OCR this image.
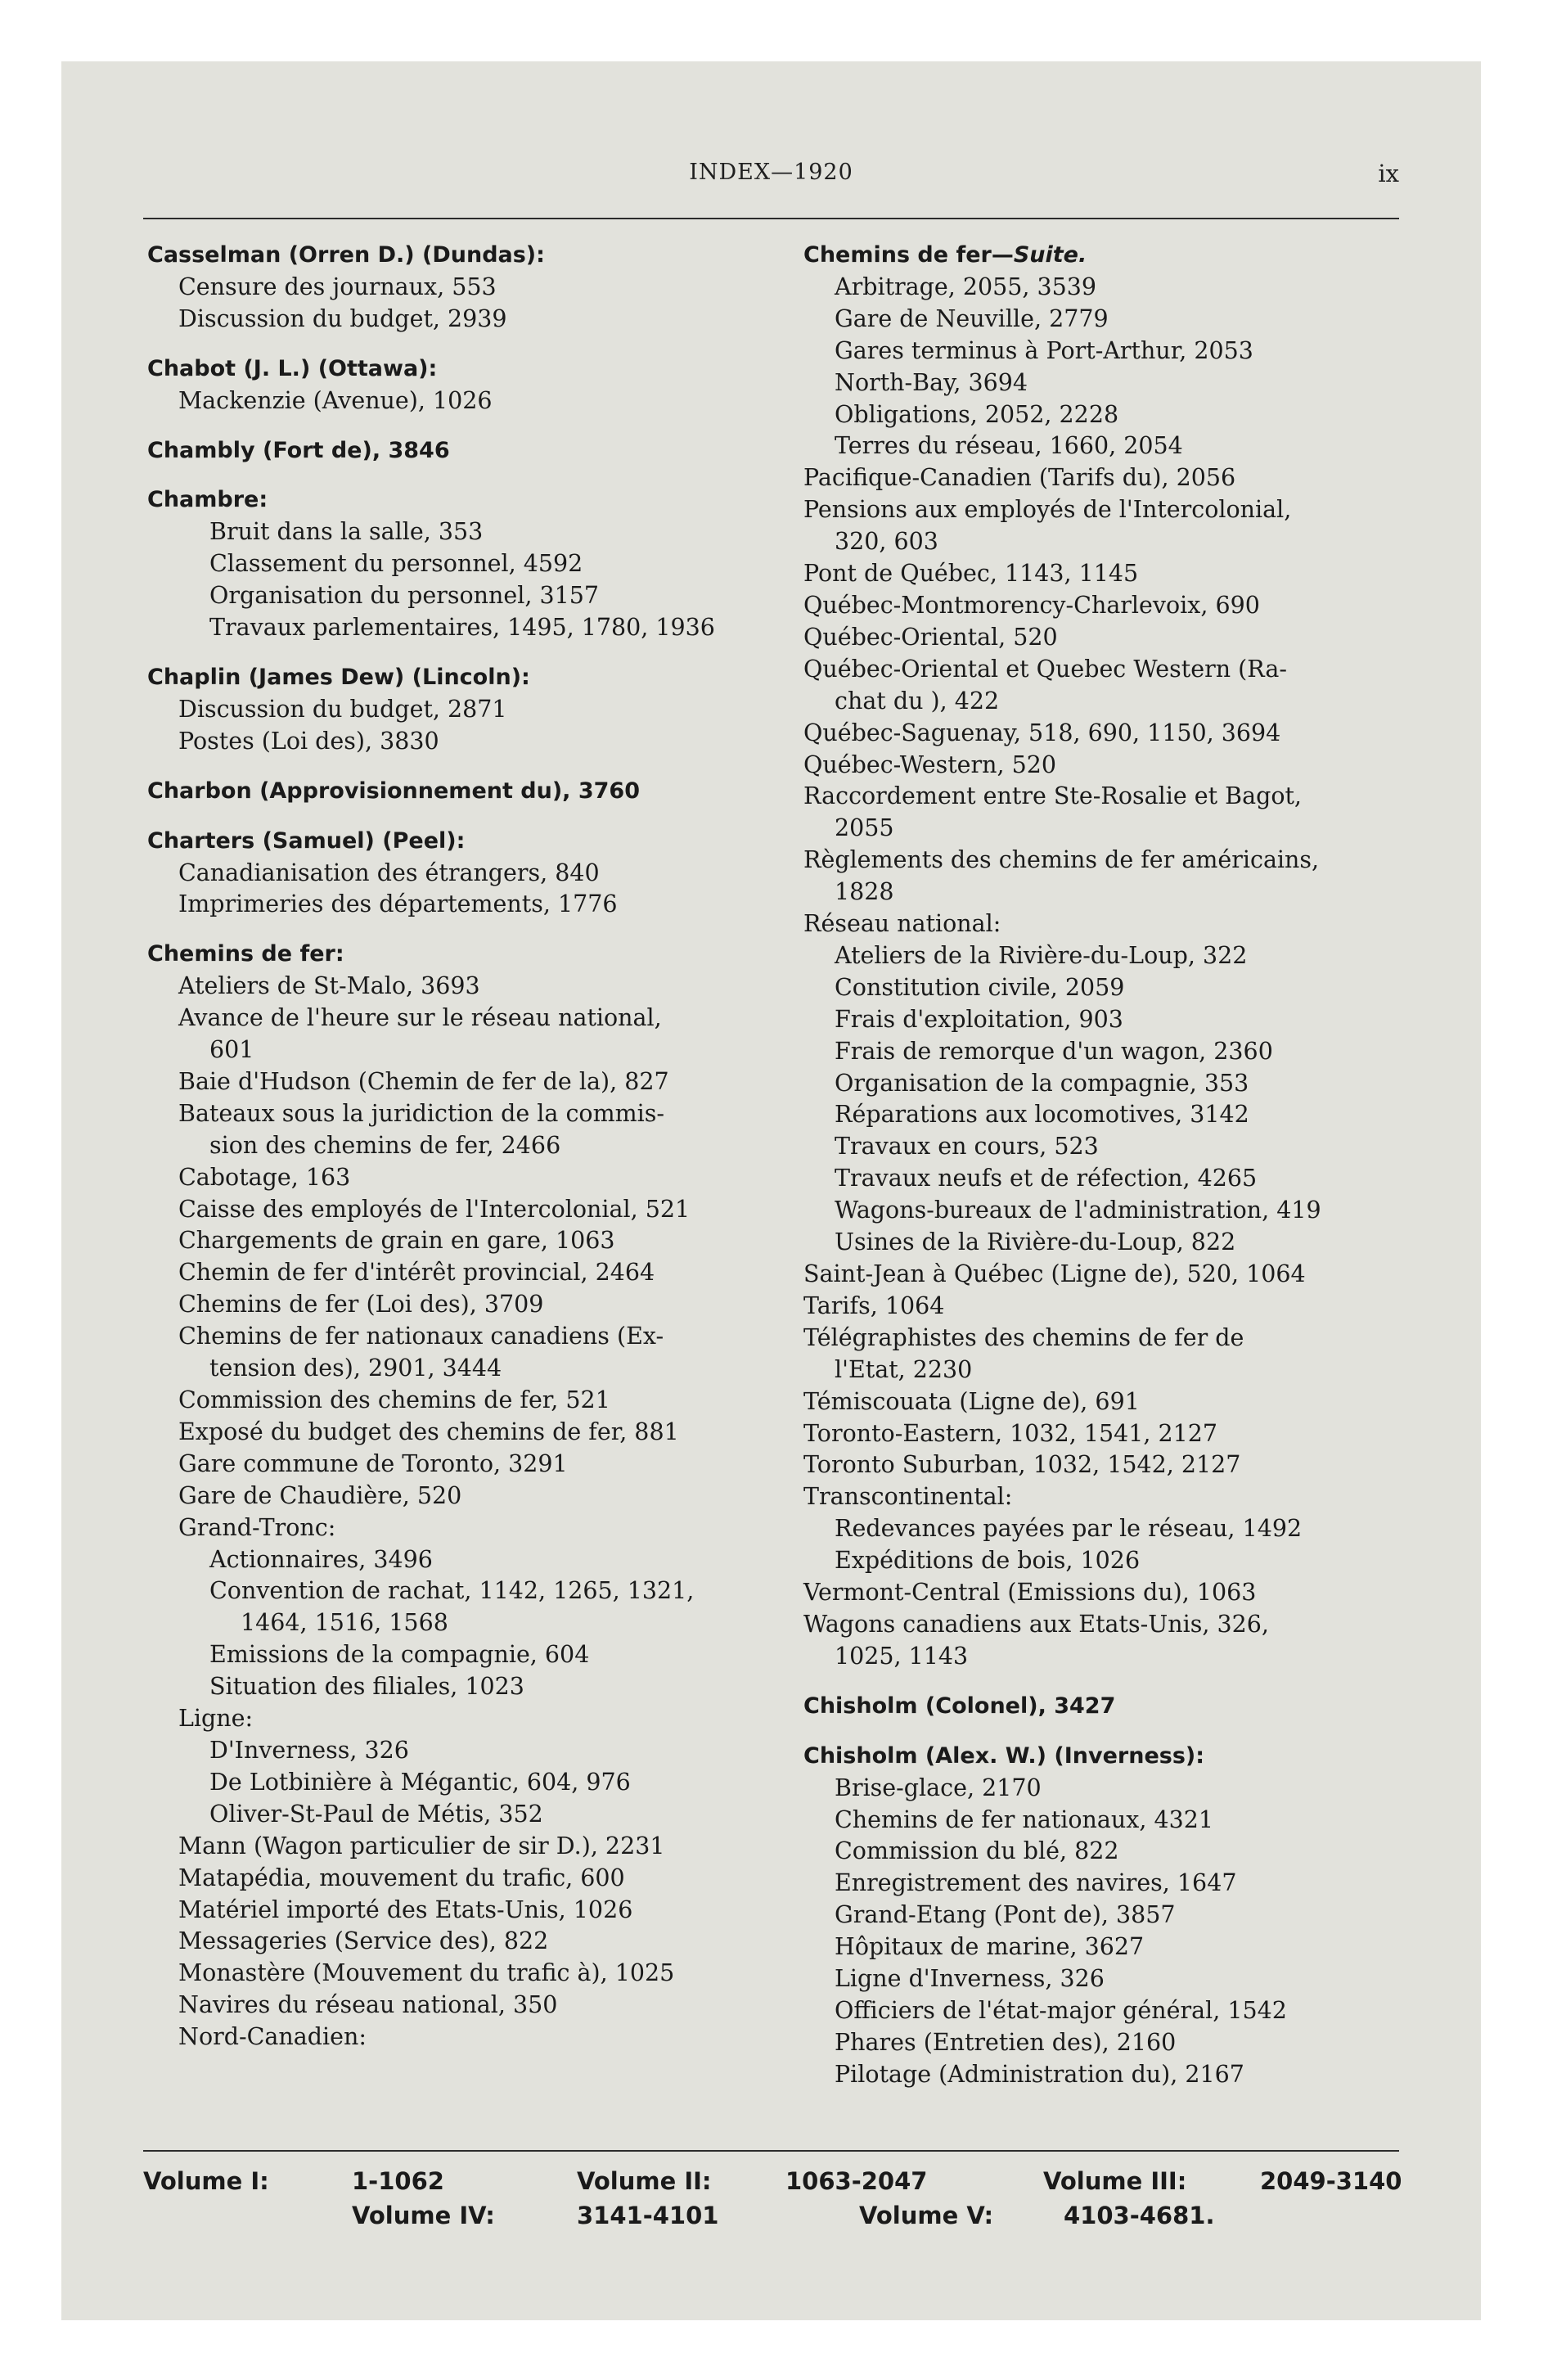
INDEX—1920	ix
Casselman (Orren D.) (Dundas):
Censure des journaux, 553
Discussion du budget, 2939
Chabot (J. L.) (Ottawa):
Mackenzie (Avenue), 1026
Chambly (Fort de), 3846
Chambre:
Bruit dans la salle, 353
Classement du personnel, 4592
Organisation du personnel, 3157
Travaux parlementaires, 1495, 1780, 1936
Chaplin (James Dew) (Lincoln):
Discussion du budget, 2871
Postes (Loi des), 3830
Charbon (Approvisionnement du), 3760
Charters (Samuel) (Peel):
Canadianisation des étrangers, 840
Imprimeries des départements, 1776
Chemins de fer:
Ateliers de St-Malo, 3693
Avance de l'heure sur le réseau national,
601
Baie d'Hudson (Chemin de fer de la), 827
Bateaux sous la juridiction de la commis-
sion des chemins de fer, 2466
Cabotage, 163
Caisse des employés de l'Intercolonial, 521
Chargements de grain en gare, 1063
Chemin de fer d'intérêt provincial, 2464
Chemins de fer (Loi des), 3709
Chemins de fer nationaux canadiens (Ex-
tension des), 2901, 3444
Commission des chemins de fer, 521
Exposé du budget des chemins de fer, 881
Gare commune de Toronto, 3291
Gare de Chaudière, 520
Grand-Tronc:
Actionnaires, 3496
Convention de rachat, 1142, 1265, 1321,
1464, 1516, 1568
Emissions de la compagnie, 604
Situation des filiales, 1023
Ligne:
D'Inverness, 326
De Lotbinière à Mégantic, 604, 976
Oliver-St-Paul de Métis, 352
Mann (Wagon particulier de sir D.), 2231
Matapédia, mouvement du trafic, 600
Matériel importé des Etats-Unis, 1026
Messageries (Service des), 822
Monastère (Mouvement du trafic à), 1025
Navires du réseau national, 350
Nord-Canadien:
Chemins de fer—Suite.
Arbitrage, 2055, 3539
Gare de Neuville, 2779
Gares terminus à Port-Arthur, 2053
North-Bay, 3694
Obligations, 2052, 2228
Terres du réseau, 1660, 2054
Pacifique-Canadien (Tarifs du), 2056
Pensions aux employés de l'Intercolonial,
320, 603
Pont de Québec, 1143, 1145
Québec-Montmorency-Charlevoix, 690
Québec-Oriental, 520
Québec-Oriental et Quebec Western (Ra-
chat du ), 422
Québec-Saguenay, 518, 690, 1150, 3694
Québec-Western, 520
Raccordement entre Ste-Rosalie et Bagot,
2055
Règlements des chemins de fer américains,
1828
Réseau national:
Ateliers de la Rivière-du-Loup, 322
Constitution civile, 2059
Frais d'exploitation, 903
Frais de remorque d'un wagon, 2360
Organisation de la compagnie, 353
Réparations aux locomotives, 3142
Travaux en cours, 523
Travaux neufs et de réfection, 4265
Wagons-bureaux de l'administration, 419
Usines de la Rivière-du-Loup, 822
Saint-Jean à Québec (Ligne de), 520, 1064
Tarifs, 1064
Télégraphistes des chemins de fer de
l'Etat, 2230
Témiscouata (Ligne de), 691
Toronto-Eastern, 1032, 1541, 2127
Toronto Suburban, 1032, 1542, 2127
Transcontinental:
Redevances payées par le réseau, 1492
Expéditions de bois, 1026
Vermont-Central (Emissions du), 1063
Wagons canadiens aux Etats-Unis, 326,
1025, 1143
Chisholm (Colonel), 3427
Chisholm (Alex. W.) (Inverness):
Brise-glace, 2170
Chemins de fer nationaux, 4321
Commission du blé, 822
Enregistrement des navires, 1647
Grand-Etang (Pont de), 3857
Hôpitaux de marine, 3627
Ligne d'Inverness, 326
Officiers de l'état-major général, 1542
Phares (Entretien des), 2160
Pilotage (Administration du), 2167
Volume I:	1-1062	Volume II:	1063-2047	Volume III:	2049-3140
Volume IV:	3141-4101	Volume V:	4103-4681.
